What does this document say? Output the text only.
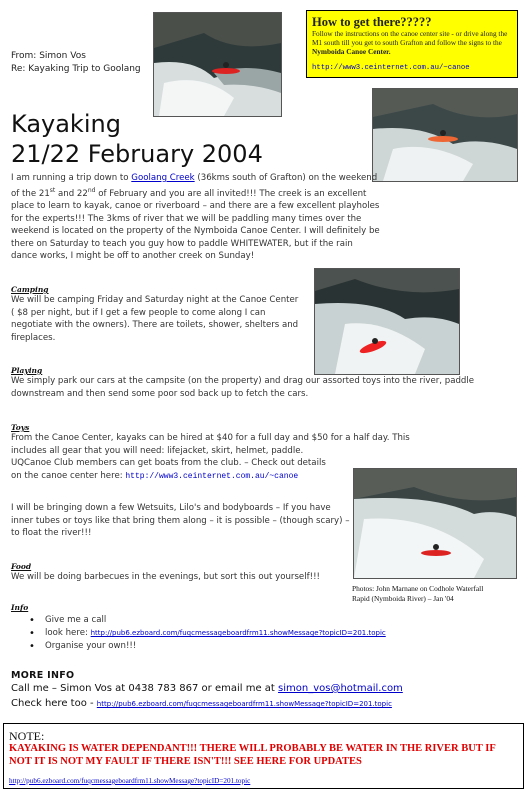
From: Simon Vos
Re: Kayaking Trip to Goolang
How to get there?????
Follow the instructions on the canoe center site - or drive along the M1 south till you get to south Grafton and follow the signs to the Nymboida Canoe Center.
http://www3.ceinternet.com.au/~canoe
Kayaking
21/22 February 2004
I am running a trip down to Goolang Creek (36kms south of Grafton) on the weekend of the 21st and 22nd of February and you are all invited!!! The creek is an excellent place to learn to kayak, canoe or riverboard – and there are a few excellent playholes for the experts!!! The 3kms of river that we will be paddling many times over the weekend is located on the property of the Nymboida Canoe Center. I will definitely be there on Saturday to teach you guy how to paddle WHITEWATER, but if the rain dance works, I might be off to another creek on Sunday!
Camping
We will be camping Friday and Saturday night at the Canoe Center ( $8 per night, but if I get a few people to come along I can negotiate with the owners). There are toilets, shower, shelters and fireplaces.
Playing
We simply park our cars at the campsite (on the property) and drag our assorted toys into the river, paddle downstream and then send some poor sod back up to fetch the cars.
Toys
From the Canoe Center, kayaks can be hired at $40 for a full day and $50 for a half day. This
includes all gear that you will need: lifejacket, skirt, helmet, paddle.
UQCanoe Club members can get boats from the club. – Check out details
on the canoe center here: http://www3.ceinternet.com.au/~canoe
I will be bringing down a few Wetsuits, Lilo's and bodyboards – If you have inner tubes or toys like that bring them along – it is possible – (though scary) – to float the river!!!
Photos: John Marnane on Codhole Waterfall
Rapid (Nymboida River) – Jan '04
Food
We will be doing barbecues in the evenings, but sort this out yourself!!!
Info
• Give me a call
• look here: http://pub6.ezboard.com/fuqcmessageboardfrm11.showMessage?topicID=201.topic
• Organise your own!!!
MORE INFO
Call me – Simon Vos at 0438 783 867 or email me at simon_vos@hotmail.com
Check here too - http://pub6.ezboard.com/fuqcmessageboardfrm11.showMessage?topicID=201.topic
NOTE:
KAYAKING IS WATER DEPENDANT!!! THERE WILL PROBABLY BE WATER IN THE RIVER BUT IF NOT IT IS NOT MY FAULT IF THERE ISN'T!!! SEE HERE FOR UPDATES
http://pub6.ezboard.com/fuqcmessageboardfrm11.showMessage?topicID=201.topic
